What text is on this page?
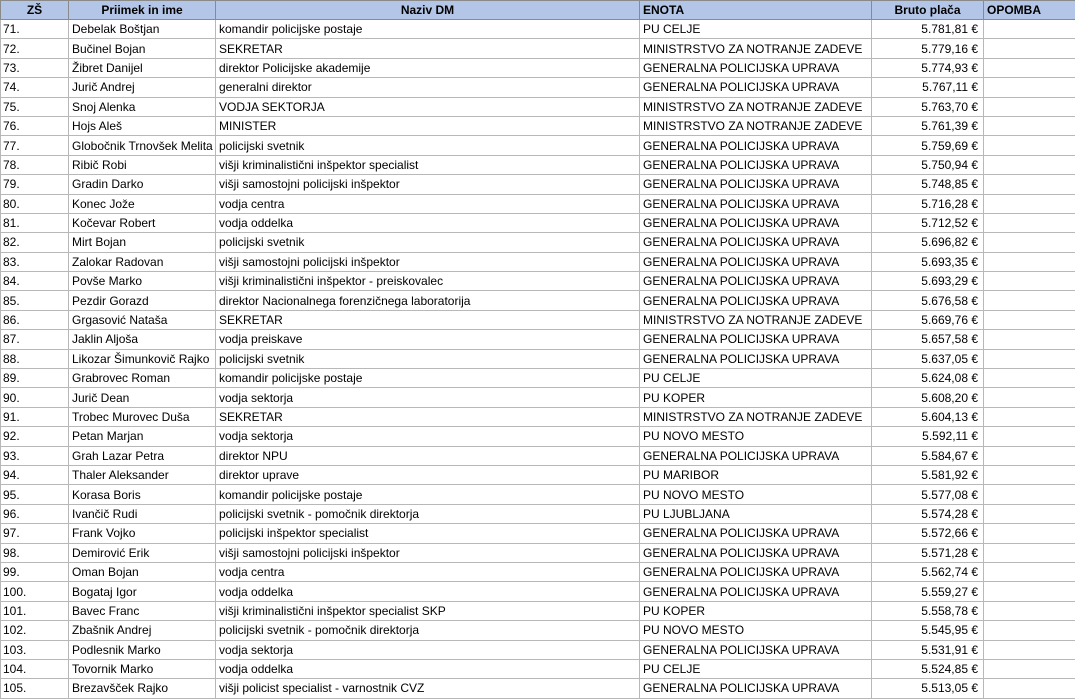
ZŠ	Priimek in ime	Naziv DM	ENOTA	Bruto plača	OPOMBA
71.	Debelak Boštjan	komandir policijske postaje	PU CELJE	5.781,81 €	
72.	Bučinel Bojan	SEKRETAR	MINISTRSTVO ZA NOTRANJE ZADEVE	5.779,16 €	
73.	Žibret Danijel	direktor Policijske akademije	GENERALNA POLICIJSKA UPRAVA	5.774,93 €	
74.	Jurič Andrej	generalni direktor	GENERALNA POLICIJSKA UPRAVA	5.767,11 €	
75.	Snoj Alenka	VODJA SEKTORJA	MINISTRSTVO ZA NOTRANJE ZADEVE	5.763,70 €	
76.	Hojs Aleš	MINISTER	MINISTRSTVO ZA NOTRANJE ZADEVE	5.761,39 €	
77.	Globočnik Trnovšek Melita	policijski svetnik	GENERALNA POLICIJSKA UPRAVA	5.759,69 €	
78.	Ribič Robi	višji kriminalistični inšpektor specialist	GENERALNA POLICIJSKA UPRAVA	5.750,94 €	
79.	Gradin Darko	višji samostojni policijski inšpektor	GENERALNA POLICIJSKA UPRAVA	5.748,85 €	
80.	Konec Jože	vodja centra	GENERALNA POLICIJSKA UPRAVA	5.716,28 €	
81.	Kočevar Robert	vodja oddelka	GENERALNA POLICIJSKA UPRAVA	5.712,52 €	
82.	Mirt Bojan	policijski svetnik	GENERALNA POLICIJSKA UPRAVA	5.696,82 €	
83.	Zalokar Radovan	višji samostojni policijski inšpektor	GENERALNA POLICIJSKA UPRAVA	5.693,35 €	
84.	Povše Marko	višji kriminalistični inšpektor - preiskovalec	GENERALNA POLICIJSKA UPRAVA	5.693,29 €	
85.	Pezdir Gorazd	direktor Nacionalnega forenzičnega laboratorija	GENERALNA POLICIJSKA UPRAVA	5.676,58 €	
86.	Grgasović Nataša	SEKRETAR	MINISTRSTVO ZA NOTRANJE ZADEVE	5.669,76 €	
87.	Jaklin Aljoša	vodja preiskave	GENERALNA POLICIJSKA UPRAVA	5.657,58 €	
88.	Likozar Šimunkovič Rajko	policijski svetnik	GENERALNA POLICIJSKA UPRAVA	5.637,05 €	
89.	Grabrovec Roman	komandir policijske postaje	PU CELJE	5.624,08 €	
90.	Jurič Dean	vodja sektorja	PU KOPER	5.608,20 €	
91.	Trobec Murovec Duša	SEKRETAR	MINISTRSTVO ZA NOTRANJE ZADEVE	5.604,13 €	
92.	Petan Marjan	vodja sektorja	PU NOVO MESTO	5.592,11 €	
93.	Grah Lazar Petra	direktor NPU	GENERALNA POLICIJSKA UPRAVA	5.584,67 €	
94.	Thaler Aleksander	direktor uprave	PU MARIBOR	5.581,92 €	
95.	Korasa Boris	komandir policijske postaje	PU NOVO MESTO	5.577,08 €	
96.	Ivančič Rudi	policijski svetnik - pomočnik direktorja	PU LJUBLJANA	5.574,28 €	
97.	Frank Vojko	policijski inšpektor specialist	GENERALNA POLICIJSKA UPRAVA	5.572,66 €	
98.	Demirović Erik	višji samostojni policijski inšpektor	GENERALNA POLICIJSKA UPRAVA	5.571,28 €	
99.	Oman Bojan	vodja centra	GENERALNA POLICIJSKA UPRAVA	5.562,74 €	
100.	Bogataj Igor	vodja oddelka	GENERALNA POLICIJSKA UPRAVA	5.559,27 €	
101.	Bavec Franc	višji kriminalistični inšpektor specialist SKP	PU KOPER	5.558,78 €	
102.	Zbašnik Andrej	policijski svetnik - pomočnik direktorja	PU NOVO MESTO	5.545,95 €	
103.	Podlesnik Marko	vodja sektorja	GENERALNA POLICIJSKA UPRAVA	5.531,91 €	
104.	Tovornik Marko	vodja oddelka	PU CELJE	5.524,85 €	
105.	Brezavšček Rajko	višji policist specialist - varnostnik CVZ	GENERALNA POLICIJSKA UPRAVA	5.513,05 €	
